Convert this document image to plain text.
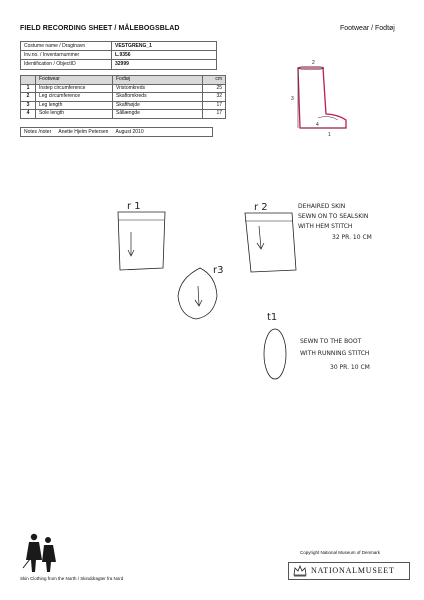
FIELD RECORDING SHEET / MÅLEBOGSBLAD	Footwear / Fodtøj
Costume name / Dragtnavn	VESTGRENG_1
Inv.no. / Inventarnummer	L.9356
Identification / ObjectID	32999
	Footwear	Fodtøj	cm
1	Instep circumference	Vristomkreds	25
2	Leg circumference	Skaftomkreds	32
3	Leg length	Skafthøjde	17
4	Sole length	Sållængde	17
Notes /noter Anette Hjelm Petersen August 2010
2
3
1
4
r 1	r 2
r3
t1
DEHAIRED SKIN
SEWN ON TO SEALSKIN
WITH HEM STITCH
32 PR. 10 CM
SEWN TO THE BOOT
WITH RUNNING STITCH
30 PR. 10 CM
Skin Clothing from the North / Skinddragter fra Nord
Copyright National Museum of Denmark
NATIONALMUSEET
